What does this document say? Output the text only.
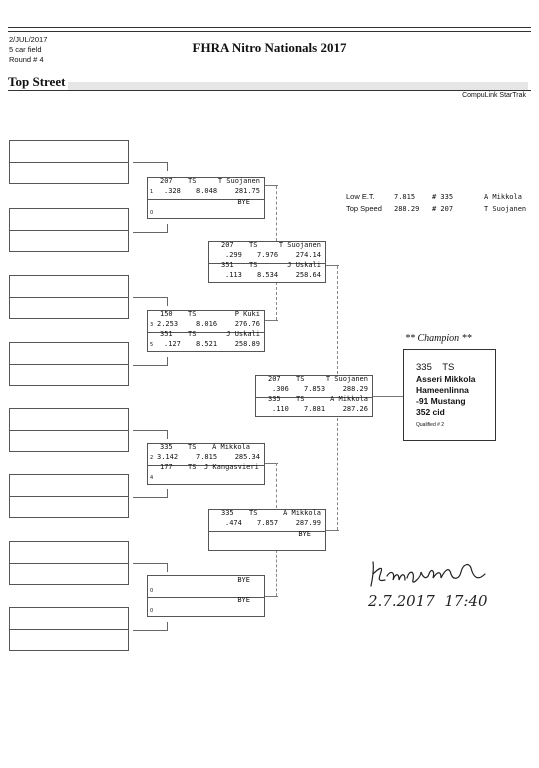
2/JUL/2017
5 car field
Round # 4
FHRA Nitro Nationals 2017
Top Street
CompuLink StarTrak
207 TS	T Suojanen
1 .328 8.048	281.75
BYE
0
150 TS	P Kuki
3 2.253	8.016	276.76
351 TS	J Uskali
5 .127 8.521	258.89
335 TS A Mikkola
2 3.142	7.815	285.34
177 TS J Kangasvieri
4
BYE
0
BYE
0
207 TS	T Suojanen
.299 7.976	274.14
351 TS	J Uskali
.113 8.534	258.64
335 TS	A Mikkola
.474 7.857	287.99
BYE
207 TS	T Suojanen
.306 7.853	288.29
335 TS	A Mikkola
.110 7.881	287.26
Low E.T.	7.815 # 335	A Mikkola
Top Speed 288.29 # 207	T Suojanen
** Champion **
335    TS
Asseri Mikkola
Hameenlinna
-91 Mustang
352 cid
Qualified # 2
2.7.2017  17:40
